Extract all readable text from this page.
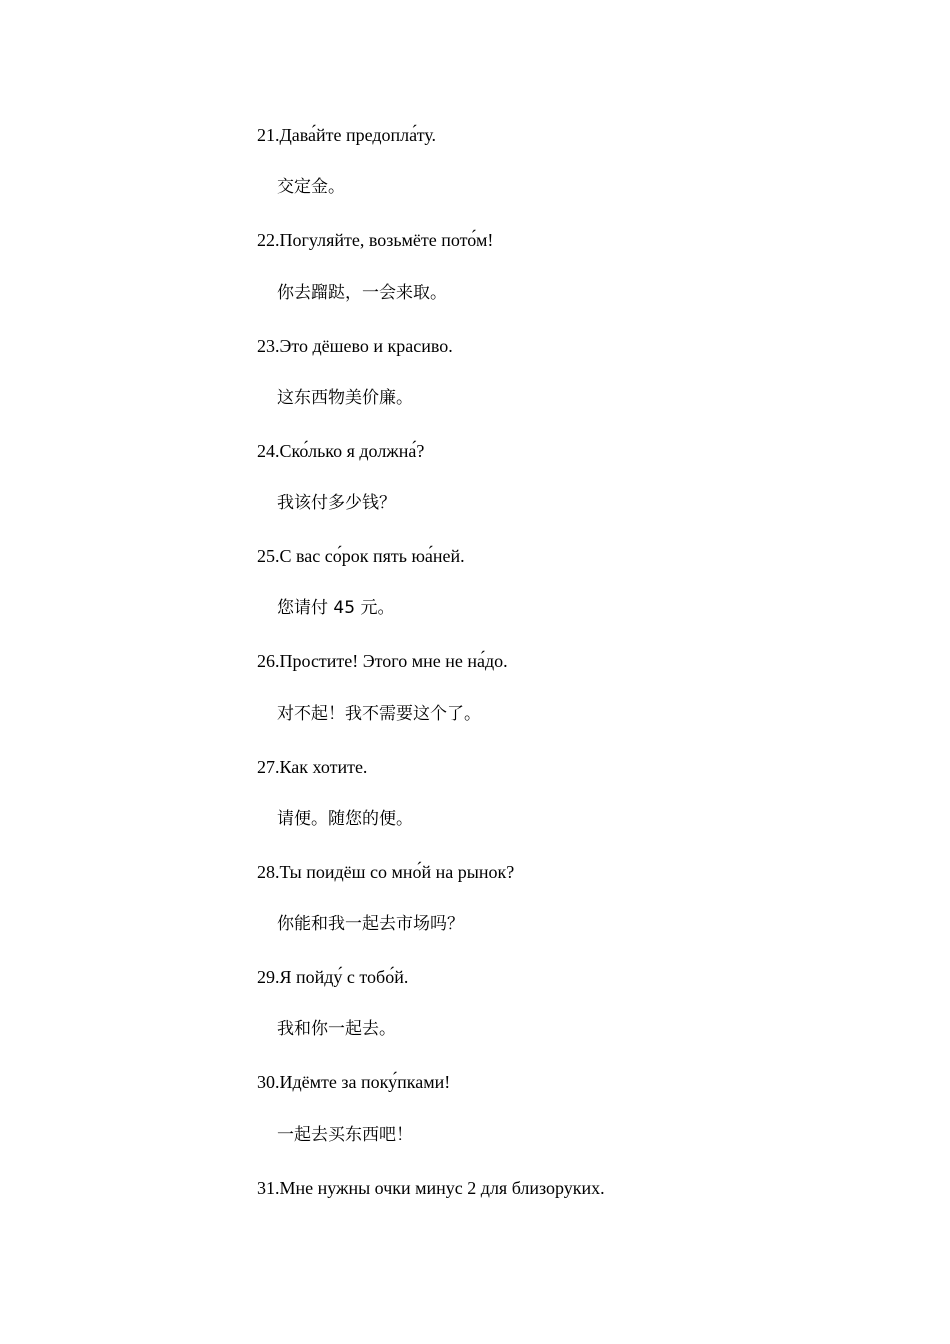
21.Дава́йте предопла́ту.
交定金。
22.Погуляйте, возьмёте пото́м!
你去蹓跶，一会来取。
23.Это дёшево и красиво.
这东西物美价廉。
24.Ско́лько я должна́?
我该付多少钱？
25.С вас со́рок пять юа́ней.
您请付 45 元。
26.Простите! Этого мне не на́до.
对不起！我不需要这个了。
27.Как хотите.
请便。随您的便。
28.Ты поидёш со мно́й на рынок?
你能和我一起去市场吗？
29.Я пойду́ с тобо́й.
我和你一起去。
30.Идёмте за поку́пками!
一起去买东西吧！
31.Мне нужны очки минус 2 для близоруких.
